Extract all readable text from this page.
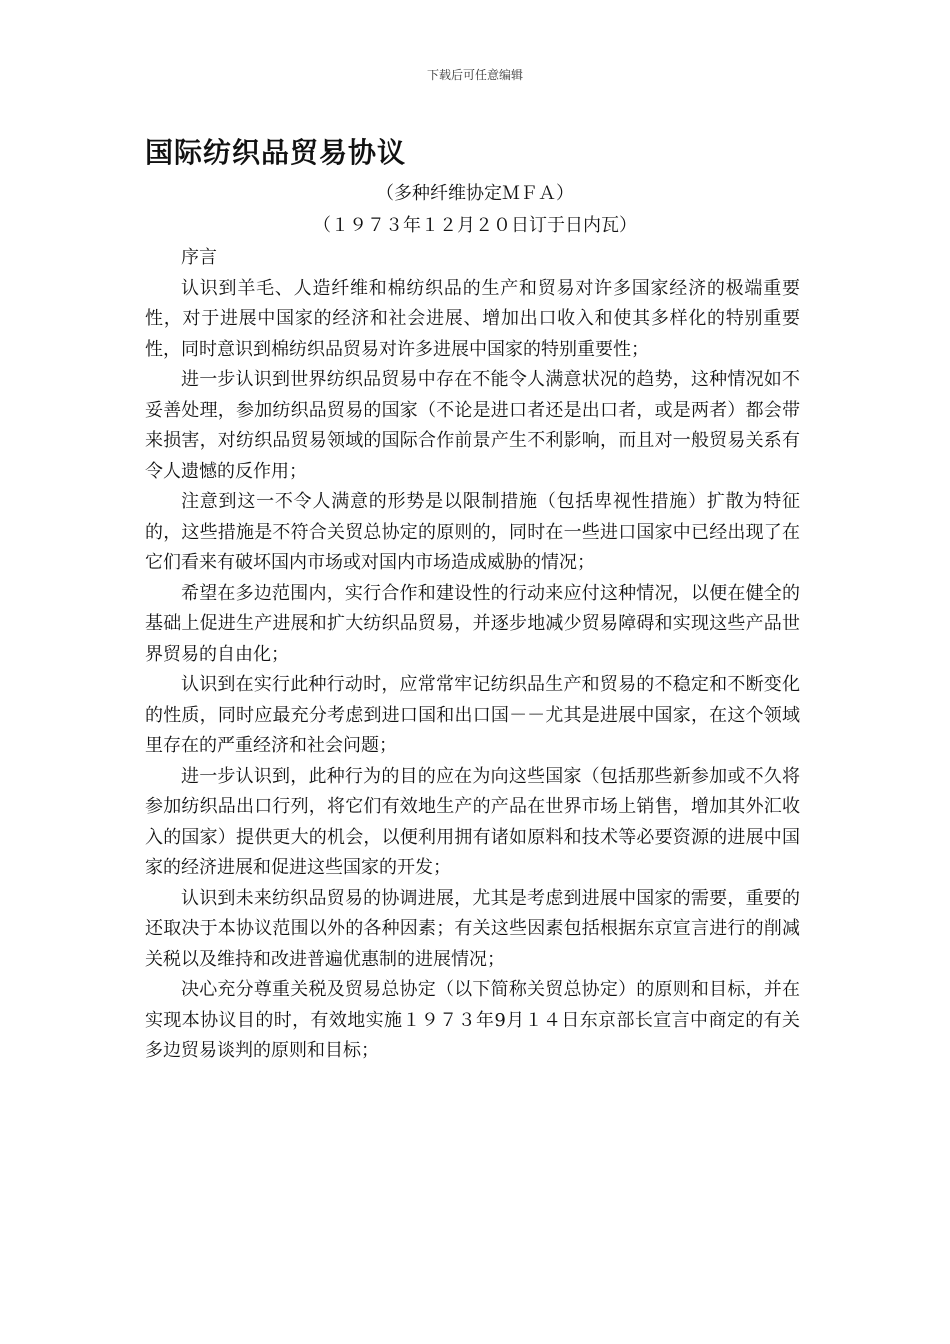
下载后可任意编辑
国际纺织品贸易协议
（多种纤维协定ＭＦＡ）
（１９７３年１２月２０日订于日内瓦）

序言

认识到羊毛、人造纤维和棉纺织品的生产和贸易对许多国家经济的极端重要性，对于进展中国家的经济和社会进展、增加出口收入和使其多样化的特别重要性，同时意识到棉纺织品贸易对许多进展中国家的特别重要性；

进一步认识到世界纺织品贸易中存在不能令人满意状况的趋势，这种情况如不妥善处理，参加纺织品贸易的国家（不论是进口者还是出口者，或是两者）都会带来损害，对纺织品贸易领域的国际合作前景产生不利影响，而且对一般贸易关系有令人遗憾的反作用；

注意到这一不令人满意的形势是以限制措施（包括卑视性措施）扩散为特征的，这些措施是不符合关贸总协定的原则的，同时在一些进口国家中已经出现了在它们看来有破坏国内市场或对国内市场造成威胁的情况；

希望在多边范围内，实行合作和建设性的行动来应付这种情况，以便在健全的基础上促进生产进展和扩大纺织品贸易，并逐步地减少贸易障碍和实现这些产品世界贸易的自由化；

认识到在实行此种行动时，应常常牢记纺织品生产和贸易的不稳定和不断变化的性质，同时应最充分考虑到进口国和出口国－－尤其是进展中国家，在这个领域里存在的严重经济和社会问题；

进一步认识到，此种行为的目的应在为向这些国家（包括那些新参加或不久将参加纺织品出口行列，将它们有效地生产的产品在世界市场上销售，增加其外汇收入的国家）提供更大的机会，以便利用拥有诸如原料和技术等必要资源的进展中国家的经济进展和促进这些国家的开发；

认识到未来纺织品贸易的协调进展，尤其是考虑到进展中国家的需要，重要的还取决于本协议范围以外的各种因素；有关这些因素包括根据东京宣言进行的削减关税以及维持和改进普遍优惠制的进展情况；

决心充分尊重关税及贸易总协定（以下简称关贸总协定）的原则和目标，并在实现本协议目的时，有效地实施１９７３年9月１４日东京部长宣言中商定的有关多边贸易谈判的原则和目标；
